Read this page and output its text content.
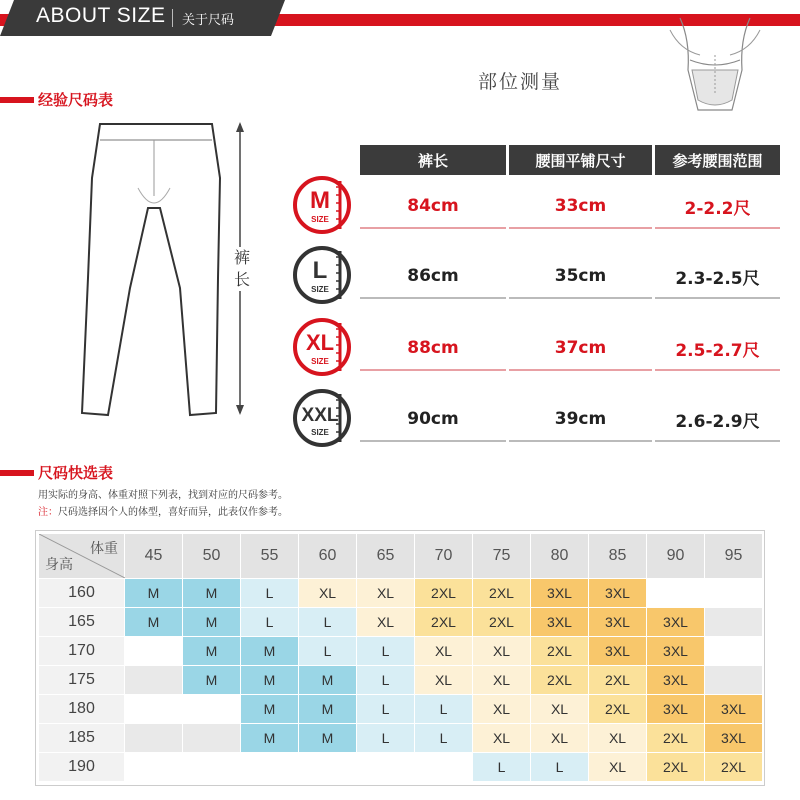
ABOUT SIZE 关于尺码
部位测量
经验尺码表
裤长
裤长	腰围平铺尺寸	参考腰围范围
M
SIZE
84cm	33cm	2-2.2尺
L
SIZE
86cm	35cm	2.3-2.5尺
XL
SIZE
88cm	37cm	2.5-2.7尺
XXL
SIZE
90cm	39cm	2.6-2.9尺
尺码快选表
用实际的身高、体重对照下列表，找到对应的尺码参考。
注：尺码选择因个人的体型，喜好而异，此表仅作参考。
体重
身高	45	50	55	60	65	70	75	80	85	90	95
160	M	M	L	XL	XL	2XL	2XL	3XL	3XL		
165	M	M	L	L	XL	2XL	2XL	3XL	3XL	3XL	
170		M	M	L	L	XL	XL	2XL	3XL	3XL	
175		M	M	M	L	XL	XL	2XL	2XL	3XL	
180			M	M	L	L	XL	XL	2XL	3XL	3XL
185			M	M	L	L	XL	XL	XL	2XL	3XL
190							L	L	XL	2XL	2XL
